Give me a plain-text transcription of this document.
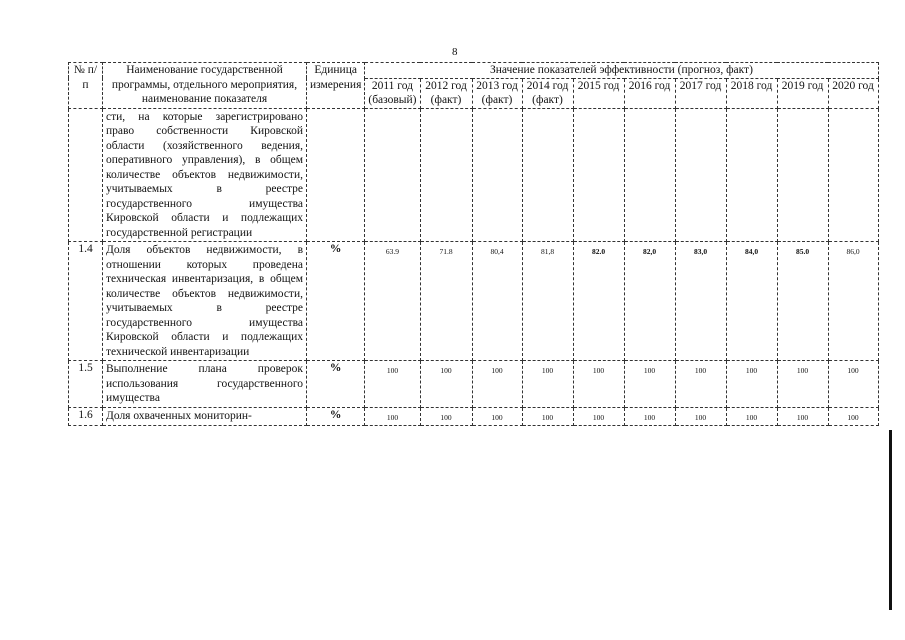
8
№ п/п	Наименование государственной программы, отдельного мероприятия, наименование показателя	Единица измерения	Значение показателей эффективности (прогноз, факт)									
			2011 год (базовый)	2012 год (факт)	2013 год (факт)	2014 год (факт)	2015 год	2016 год	2017 год	2018 год	2019 год	2020 год
	сти, на которые зарегистрировано право собственности Кировской области (хозяйственного ведения, оперативного управления), в общем количестве объектов недвижимости, учитываемых в реестре государственного имущества Кировской области и подлежащих государственной регистрации											
1.4	Доля объектов недвижимости, в отношении которых проведена техническая инвентаризация, в общем количестве объектов недвижимости, учитываемых в реестре государственного имущества Кировской области и подлежащих технической инвентаризации	%	63.9	71.8	80,4	81,8	82.0	82,0	83,0	84,0	85.0	86,0
1.5	Выполнение плана проверок использования государственного имущества	%	100	100	100	100	100	100	100	100	100	100
1.6	Доля охваченных мониторин-	%	100	100	100	100	100	100	100	100	100	100
